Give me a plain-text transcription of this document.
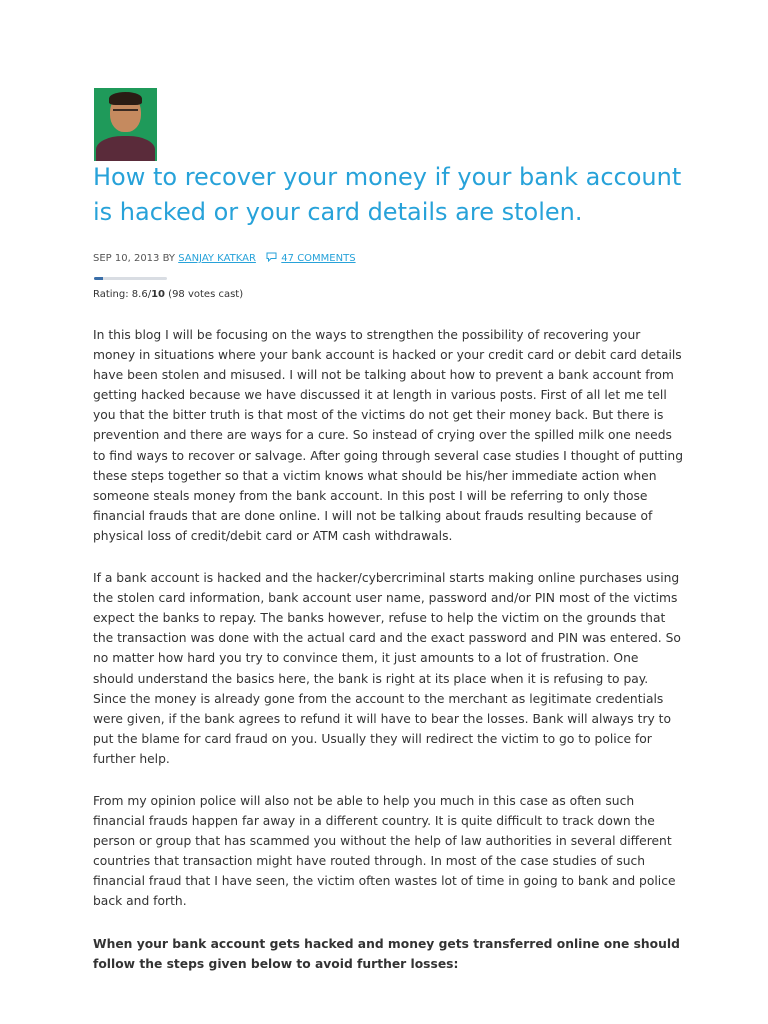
How to recover your money if your bank account is hacked or your card details are stolen.
SEP 10, 2013 BY SANJAY KATKAR	47 COMMENTS
Rating: 8.6/10 (98 votes cast)

In this blog I will be focusing on the ways to strengthen the possibility of recovering your money in situations where your bank account is hacked or your credit card or debit card details have been stolen and misused. I will not be talking about how to prevent a bank account from getting hacked because we have discussed it at length in various posts. First of all let me tell you that the bitter truth is that most of the victims do not get their money back. But there is prevention and there are ways for a cure. So instead of crying over the spilled milk one needs to find ways to recover or salvage. After going through several case studies I thought of putting these steps together so that a victim knows what should be his/her immediate action when someone steals money from the bank account. In this post I will be referring to only those financial frauds that are done online. I will not be talking about frauds resulting because of physical loss of credit/debit card or ATM cash withdrawals.

If a bank account is hacked and the hacker/cybercriminal starts making online purchases using the stolen card information, bank account user name, password and/or PIN most of the victims expect the banks to repay. The banks however, refuse to help the victim on the grounds that the transaction was done with the actual card and the exact password and PIN was entered. So no matter how hard you try to convince them, it just amounts to a lot of frustration. One should understand the basics here, the bank is right at its place when it is refusing to pay. Since the money is already gone from the account to the merchant as legitimate credentials were given, if the bank agrees to refund it will have to bear the losses. Bank will always try to put the blame for card fraud on you. Usually they will redirect the victim to go to police for further help.

From my opinion police will also not be able to help you much in this case as often such financial frauds happen far away in a different country. It is quite difficult to track down the person or group that has scammed you without the help of law authorities in several different countries that transaction might have routed through. In most of the case studies of such financial fraud that I have seen, the victim often wastes lot of time in going to bank and police back and forth.

When your bank account gets hacked and money gets transferred online one should follow the steps given below to avoid further losses:
